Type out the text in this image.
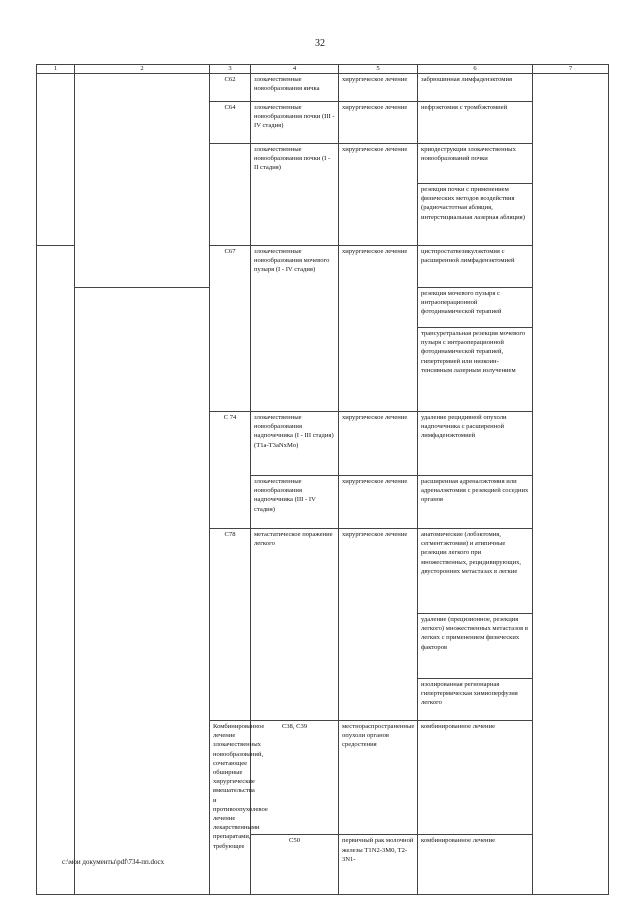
32
1	2	3	4	5	6	7	
		C62	злокачественные новообразования яичка	хирургическое лечение	забрюшинная лимфаденэктомия		
		C64	злокачественные новообразования почки (III - IV стадия)	хирургическое лечение	нефрэктомия с тромбэктомией		
			злокачественные новообразования почки (I - II стадия)	хирургическое лечение	криодеструкция злокачественных новообразований почки		
					резекция почки с применением физических методов воздействия (радиочастотная абляция, интерстициальная лазерная абляция)		
		C67	злокачественные новообразования мочевого пузыря (I - IV стадия)	хирургическое лечение	цистпростатвезикулэктомия с расширенной лимфаденэктомией		
					резекция мочевого пузыря с интраоперационной фотодинамической терапией		
					трансуретральная резекция мочевого пузыря с интраоперационной фотодинамической терапией, гипертермией или низкоин-тенсивным лазерным излучением		
		C 74	злокачественные новообразования надпочечника (I - III стадия) (T1a-T3aNxMo)	хирургическое лечение	удаление рецидивной опухоли надпочечника с расширенной лимфаденэктомией		
			злокачественные новообразования надпочечника (III - IV стадия)	хирургическое лечение	расширенная адреналэктомия или адреналэктомия с резекцией соседних органов		
		C78	метастатическое поражение легкого	хирургическое лечение	анатомические (лобэктомия, сегментэктомия) и атипичные резекции легкого при множественных, рецидивирующих, двусторонних метастазах в легкие		
					удаление (прецизионное, резекция легкого) множественных метастазов в легких с применением физических факторов		
					изолированная регионарная гипертермическая химиоперфузия легкого		
		Комбинированное лечение злокачественных новообразований, сочетающее обширные хирургические вмешательства и противоопухолевое лечение лекарственными препаратами, требующее	C38, C39	местнораспространенные опухоли органов средостения	комбинированное лечение	
			C50	первичный рак молочной железы T1N2-3M0, T2-3N1-	комбинированное лечение	
c:\мои документы\pdf\734-пп.docx
